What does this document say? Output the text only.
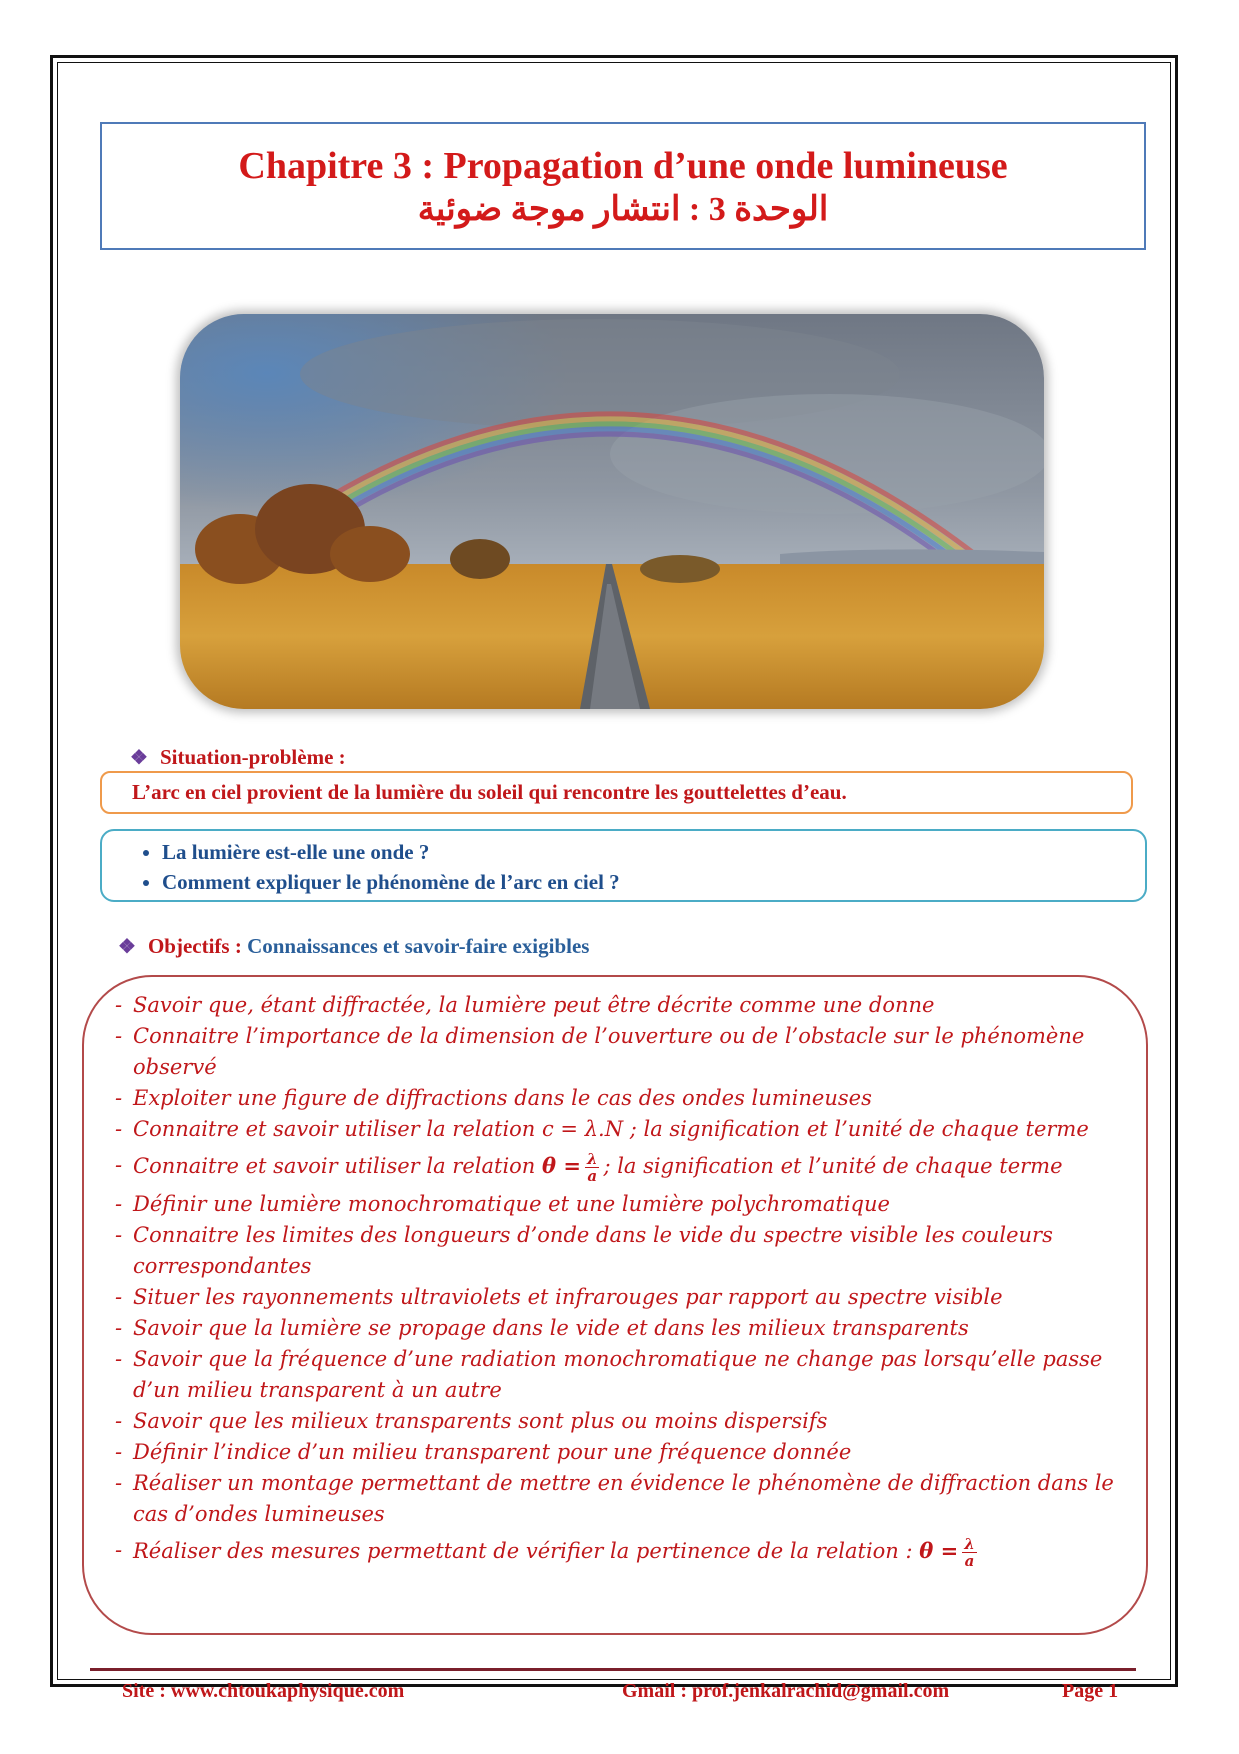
Chapitre 3 : Propagation d’une onde lumineuse
الوحدة 3 : انتشار موجة ضوئية
❖ Situation-problème :
L’arc en ciel provient de la lumière du soleil qui rencontre les gouttelettes d’eau.
• La lumière est-elle une onde ?
• Comment expliquer le phénomène de l’arc en ciel ?
❖ Objectifs : Connaissances et savoir-faire exigibles
- Savoir que, étant diffractée, la lumière peut être décrite comme une donne
- Connaitre l’importance de la dimension de l’ouverture ou de l’obstacle sur le phénomène observé
- Exploiter une figure de diffractions dans le cas des ondes lumineuses
- Connaitre et savoir utiliser la relation c = λ.N ; la signification et l’unité de chaque terme
- Connaitre et savoir utiliser la relation $\theta = \frac{\lambda}{a}$ ; la signification et l’unité de chaque terme
- Définir une lumière monochromatique et une lumière polychromatique
- Connaitre les limites des longueurs d’onde dans le vide du spectre visible les couleurs correspondantes
- Situer les rayonnements ultraviolets et infrarouges par rapport au spectre visible
- Savoir que la lumière se propage dans le vide et dans les milieux transparents
- Savoir que la fréquence d’une radiation monochromatique ne change pas lorsqu’elle passe d’un milieu transparent à un autre
- Savoir que les milieux transparents sont plus ou moins dispersifs
- Définir l’indice d’un milieu transparent pour une fréquence donnée
- Réaliser un montage permettant de mettre en évidence le phénomène de diffraction dans le cas d’ondes lumineuses
- Réaliser des mesures permettant de vérifier la pertinence de la relation : $\theta = \frac{\lambda}{a}$
Site : www.chtoukaphysique.com	Gmail : prof.jenkalrachid@gmail.com	Page 1
